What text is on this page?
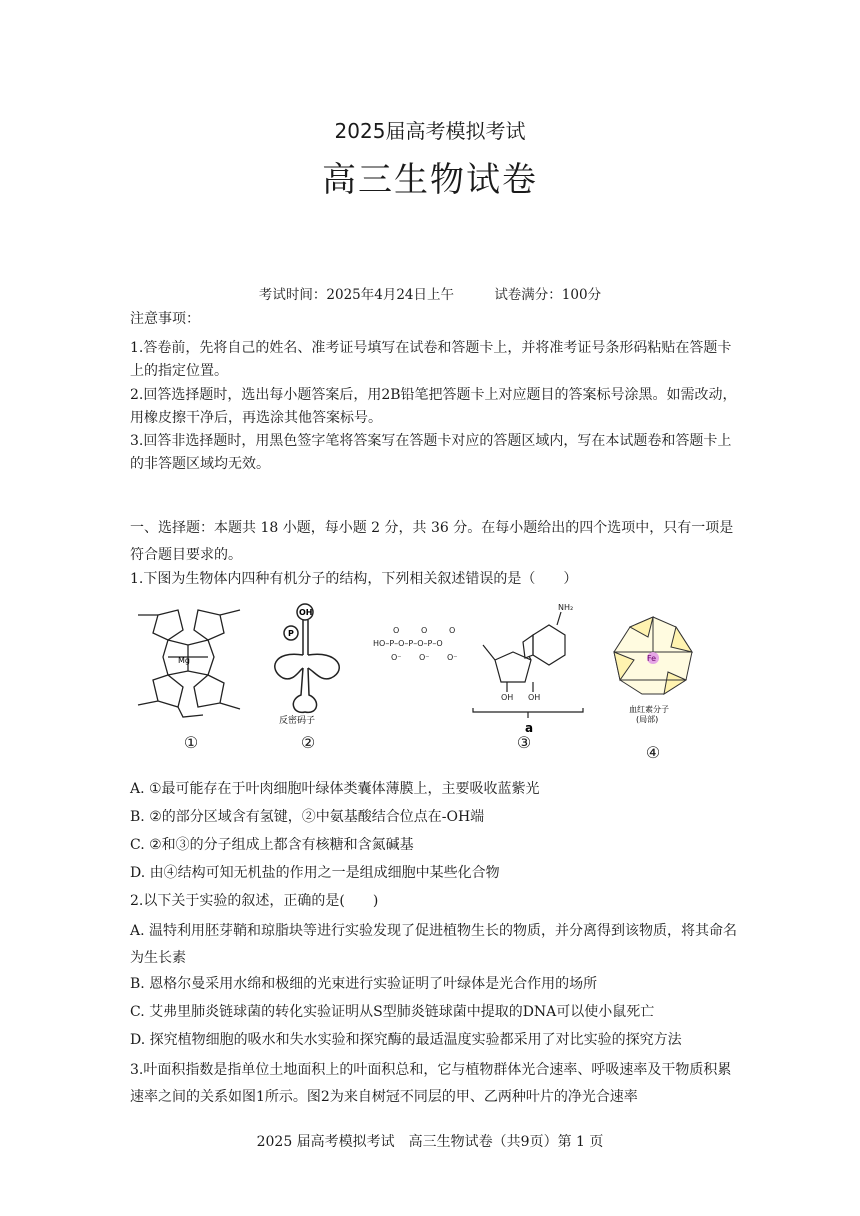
2025届高考模拟考试
高三生物试卷
考试时间：2025年4月24日上午	试卷满分：100分
注意事项：
1.答卷前，先将自己的姓名、准考证号填写在试卷和答题卡上，并将准考证号条形码粘贴在答题卡上的指定位置。
2.回答选择题时，选出每小题答案后，用2B铅笔把答题卡上对应题目的答案标号涂黑。如需改动，用橡皮擦干净后，再选涂其他答案标号。
3.回答非选择题时，用黑色签字笔将答案写在答题卡对应的答题区域内，写在本试题卷和答题卡上的非答题区域均无效。
一、选择题：本题共 18 小题，每小题 2 分，共 36 分。在每小题给出的四个选项中，只有一项是符合题目要求的。
1.下图为生物体内四种有机分子的结构，下列相关叙述错误的是（　　）
Mg
OH
P
反密码子
HO–P–O–P–O–P–O
O	O	O
O⁻ O⁻ O⁻
NH₂
OH OH
a
Fe
血红素分子
(局部)
①	②	③
④
A. ①最可能存在于叶肉细胞叶绿体类囊体薄膜上，主要吸收蓝紫光
B. ②的部分区域含有氢键，②中氨基酸结合位点在-OH端
C. ②和③的分子组成上都含有核糖和含氮碱基
D. 由④结构可知无机盐的作用之一是组成细胞中某些化合物
2.以下关于实验的叙述，正确的是(　　)
A. 温特利用胚芽鞘和琼脂块等进行实验发现了促进植物生长的物质，并分离得到该物质，将其命名为生长素
B. 恩格尔曼采用水绵和极细的光束进行实验证明了叶绿体是光合作用的场所
C. 艾弗里肺炎链球菌的转化实验证明从S型肺炎链球菌中提取的DNA可以使小鼠死亡
D. 探究植物细胞的吸水和失水实验和探究酶的最适温度实验都采用了对比实验的探究方法
3.叶面积指数是指单位土地面积上的叶面积总和，它与植物群体光合速率、呼吸速率及干物质积累速率之间的关系如图1所示。图2为来自树冠不同层的甲、乙两种叶片的净光合速率
2025 届高考模拟考试　高三生物试卷（共9页）第 1 页
